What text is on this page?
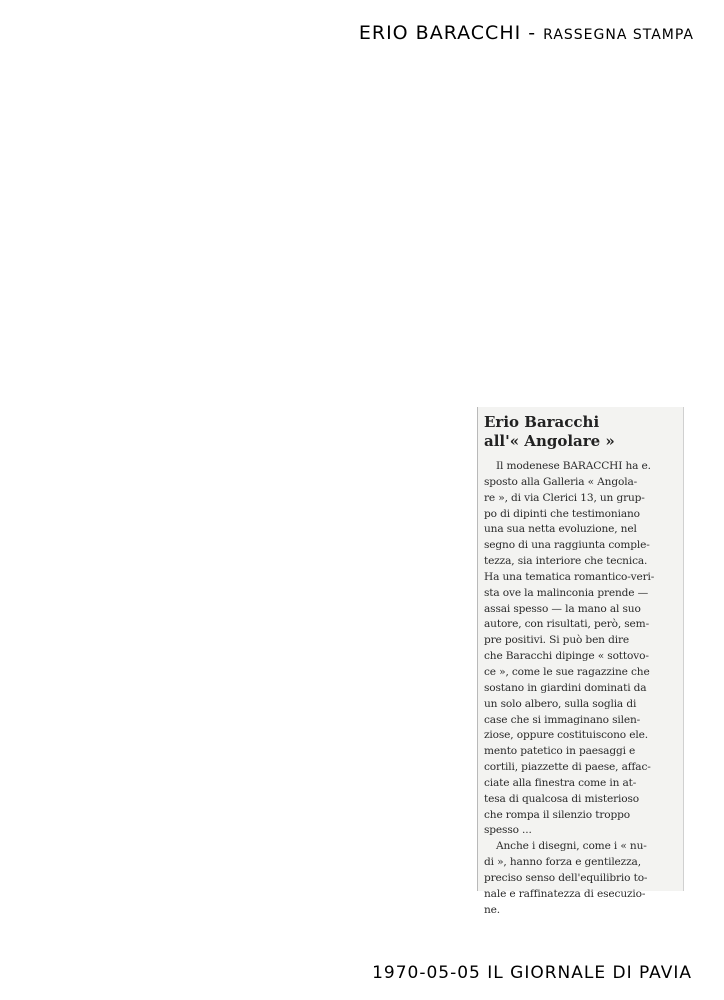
ERIO BARACCHI - RASSEGNA STAMPA
Erio Baracchi
all'« Angolare »
Il modenese BARACCHI ha e.
sposto alla Galleria « Angola-
re », di via Clerici 13, un grup-
po di dipinti che testimoniano
una sua netta evoluzione, nel
segno di una raggiunta comple-
tezza, sia interiore che tecnica.
Ha una tematica romantico-veri-
sta ove la malinconia prende —
assai spesso — la mano al suo
autore, con risultati, però, sem-
pre positivi. Si può ben dire
che Baracchi dipinge « sottovo-
ce », come le sue ragazzine che
sostano in giardini dominati da
un solo albero, sulla soglia di
case che si immaginano silen-
ziose, oppure costituiscono ele.
mento patetico in paesaggi e
cortili, piazzette di paese, affac-
ciate alla finestra come in at-
tesa di qualcosa di misterioso
che rompa il silenzio troppo
spesso ...
Anche i disegni, come i « nu-
di », hanno forza e gentilezza,
preciso senso dell'equilibrio to-
nale e raffinatezza di esecuzio-
ne.
1970-05-05 IL GIORNALE DI PAVIA
